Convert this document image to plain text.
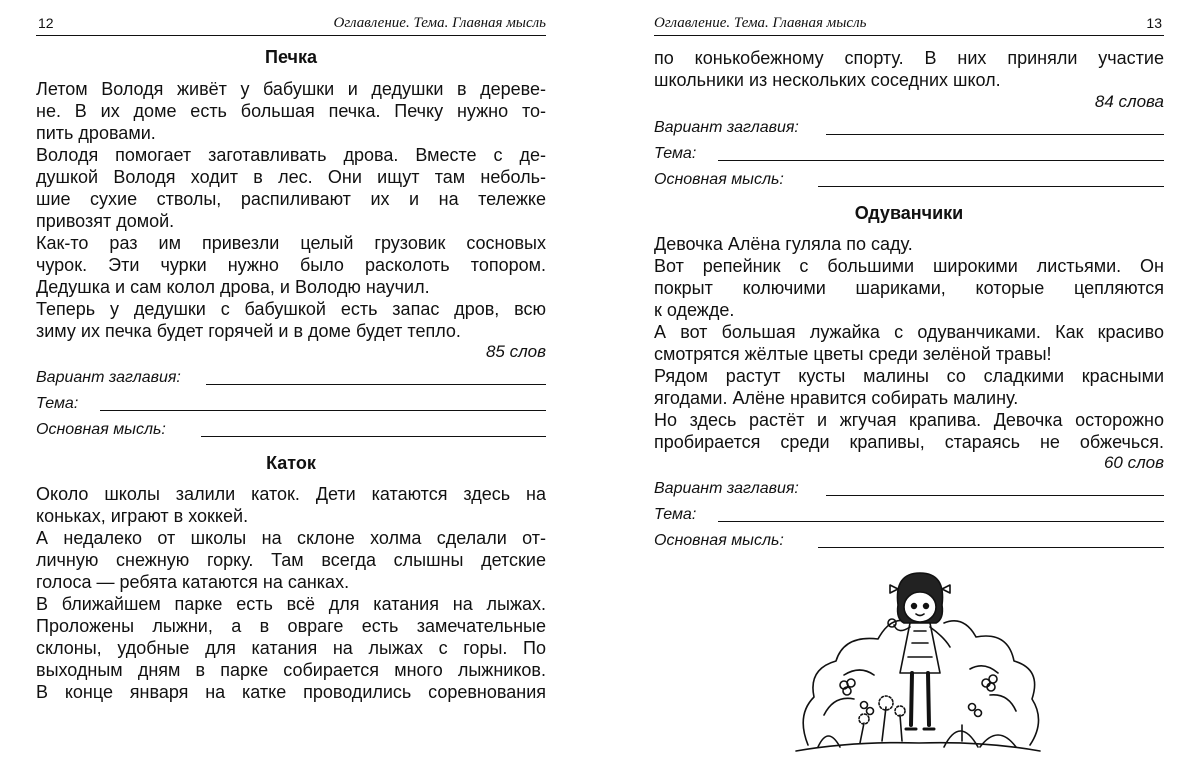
12	Оглавление. Тема. Главная мысль
Печка

Летом Володя живёт у бабушки и дедушки в дереве-

не. В их доме есть большая печка. Печку нужно то-

пить дровами.

Володя помогает заготавливать дрова. Вместе с де-

душкой Володя ходит в лес. Они ищут там неболь-

шие сухие стволы, распиливают их и на тележке

привозят домой.

Как-то раз им привезли целый грузовик сосновых

чурок. Эти чурки нужно было расколоть топором.

Дедушка и сам колол дрова, и Володю научил.

Теперь у дедушки с бабушкой есть запас дров, всю

зиму их печка будет горячей и в доме будет тепло.

85 слов
Вариант заглавия:
Тема:
Основная мысль:
Каток

Около школы залили каток. Дети катаются здесь на

коньках, играют в хоккей.

А недалеко от школы на склоне холма сделали от-

личную снежную горку. Там всегда слышны детские

голоса — ребята катаются на санках.

В ближайшем парке есть всё для катания на лыжах.

Проложены лыжни, а в овраге есть замечательные

склоны, удобные для катания на лыжах с горы. По

выходным дням в парке собирается много лыжников.

В конце января на катке проводились соревнования

Оглавление. Тема. Главная мысль	13

по конькобежному спорту. В них приняли участие

школьники из нескольких соседних школ.

84 слова
Вариант заглавия:
Тема:
Основная мысль:
Одуванчики

Девочка Алёна гуляла по саду.

Вот репейник с большими широкими листьями. Он

покрыт колючими шариками, которые цепляются

к одежде.

А вот большая лужайка с одуванчиками. Как красиво

смотрятся жёлтые цветы среди зелёной травы!

Рядом растут кусты малины со сладкими красными

ягодами. Алёне нравится собирать малину.

Но здесь растёт и жгучая крапива. Девочка осторожно

пробирается среди крапивы, стараясь не обжечься.

60 слов
Вариант заглавия:
Тема:
Основная мысль:
